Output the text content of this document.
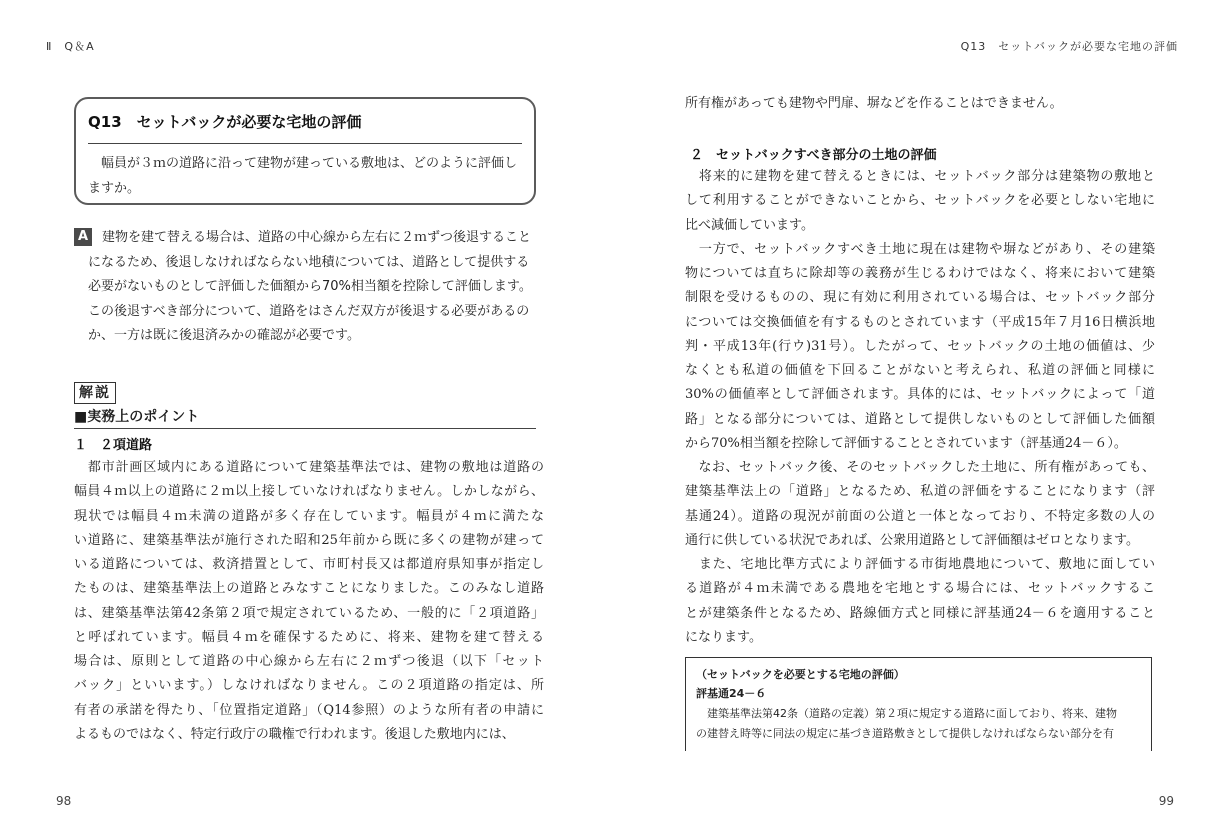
Ⅱ　Q＆A
Q13　セットバックが必要な宅地の評価
幅員が３ｍの道路に沿って建物が建っている敷地は、どのように評価しますか。
A	建物を建て替える場合は、道路の中心線から左右に２ｍずつ後退することになるため、後退しなければならない地積については、道路として提供する必要がないものとして評価した価額から70%相当額を控除して評価します。この後退すべき部分について、道路をはさんだ双方が後退する必要があるのか、一方は既に後退済みかの確認が必要です。

解説
■実務上のポイント
１　２項道路
　都市計画区域内にある道路について建築基準法では、建物の敷地は道路の
幅員４ｍ以上の道路に２ｍ以上接していなければなりません。しかしながら、
現状では幅員４ｍ未満の道路が多く存在しています。幅員が４ｍに満たな
い道路に、建築基準法が施行された昭和25年前から既に多くの建物が建って
いる道路については、救済措置として、市町村長又は都道府県知事が指定し
たものは、建築基準法上の道路とみなすことになりました。このみなし道路
は、建築基準法第42条第２項で規定されているため、一般的に「２項道路」
と呼ばれています。幅員４ｍを確保するために、将来、建物を建て替える
場合は、原則として道路の中心線から左右に２ｍずつ後退（以下「セット
バック」といいます。）しなければなりません。この２項道路の指定は、所
有者の承諾を得たり、「位置指定道路」（Q14参照）のような所有者の申請に
よるものではなく、特定行政庁の職権で行われます。後退した敷地内には、
98
Q13　セットバックが必要な宅地の評価
99
所有権があっても建物や門扉、塀などを作ることはできません。
２　セットバックすべき部分の土地の評価
　将来的に建物を建て替えるときには、セットバック部分は建築物の敷地と
して利用することができないことから、セットバックを必要としない宅地に
比べ減価しています。
　一方で、セットバックすべき土地に現在は建物や塀などがあり、その建築
物については直ちに除却等の義務が生じるわけではなく、将来において建築
制限を受けるものの、現に有効に利用されている場合は、セットバック部分
については交換価値を有するものとされています（平成15年７月16日横浜地
判・平成13年(行ウ)31号）。したがって、セットバックの土地の価値は、少
なくとも私道の価値を下回ることがないと考えられ、私道の評価と同様に
30%の価値率として評価されます。具体的には、セットバックによって「道
路」となる部分については、道路として提供しないものとして評価した価額
から70%相当額を控除して評価することとされています（評基通24－６）。
　なお、セットバック後、そのセットバックした土地に、所有権があっても、
建築基準法上の「道路」となるため、私道の評価をすることになります（評
基通24）。道路の現況が前面の公道と一体となっており、不特定多数の人の
通行に供している状況であれば、公衆用道路として評価額はゼロとなります。
　また、宅地比準方式により評価する市街地農地について、敷地に面してい
る道路が４ｍ未満である農地を宅地とする場合には、セットバックするこ
とが建築条件となるため、路線価方式と同様に評基通24－６を適用すること
になります。
（セットバックを必要とする宅地の評価）
評基通24－６
　建築基準法第42条（道路の定義）第２項に規定する道路に面しており、将来、建物
の建替え時等に同法の規定に基づき道路敷きとして提供しなければならない部分を有
